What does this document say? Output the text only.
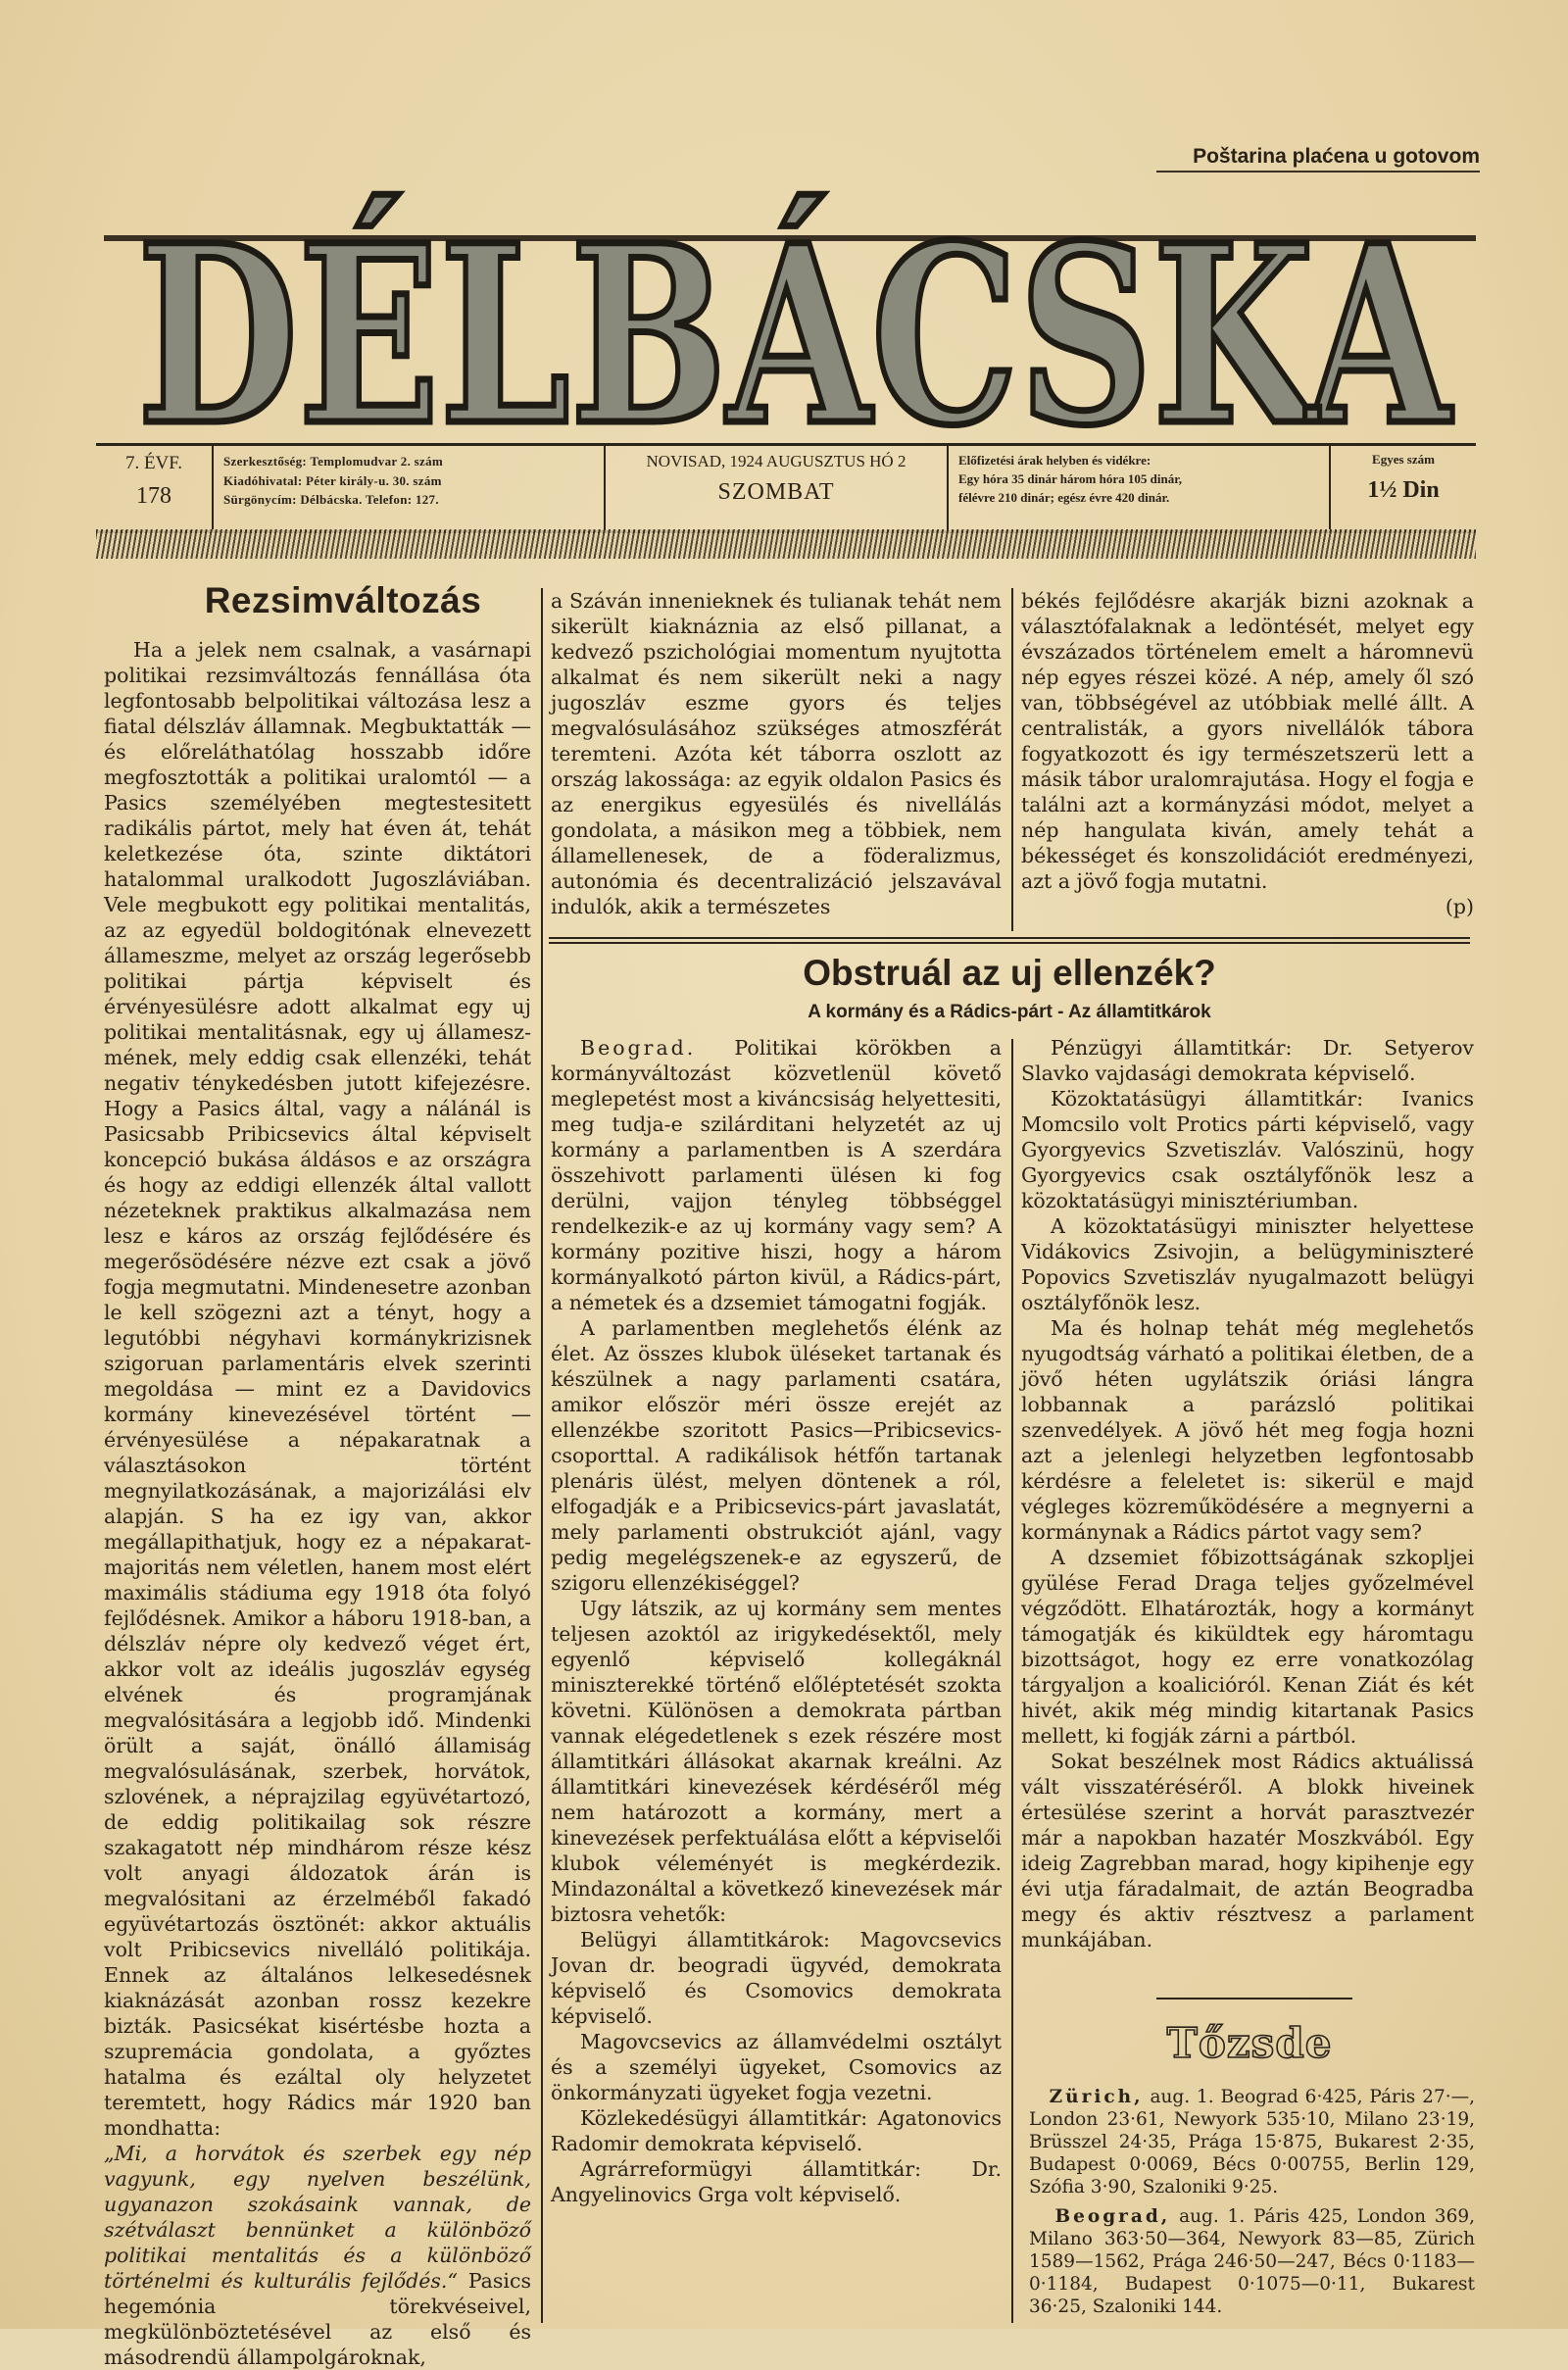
Poštarina plaćena u gotovom
DÉLBÁCSKA
7. ÉVF.
178
Szerkesztőség: Templomudvar 2. szám
Kiadóhivatal: Péter király-u. 30. szám
Sürgönycím: Délbácska. Telefon: 127.
NOVISAD, 1924 AUGUSZTUS HÓ 2
SZOMBAT
Előfizetési árak helyben és vidékre:
Egy hóra 35 dinár három hóra 105 dinár,
félévre 210 dinár; egész évre 420 dinár.
Egyes szám
1½ Din
Rezsimváltozás

Ha a jelek nem csalnak, a vasárnapi politikai rezsimváltozás fennállása óta legfontosabb belpolitikai változása lesz a fiatal délszláv államnak. Megbuktatták — és előreláthatólag hosszabb időre megfosztották a politikai uralomtól — a Pasics személyében megtestesitett radikális pártot, mely hat éven át, tehát keletkezése óta, szinte diktátori hatalommal uralkodott Jugoszláviában. Vele megbukott egy politikai mentalitás, az az egyedül boldogitónak elnevezett állameszme, melyet az ország legerősebb politikai pártja képviselt és érvényesülésre adott alkalmat egy uj politikai mentalitásnak, egy uj állameszmének, mely eddig csak ellenzéki, tehát negativ ténykedésben jutott kifejezésre. Hogy a Pasics által, vagy a nálánál is Pasicsabb Pribicsevics által képviselt koncepció bukása áldásos e az országra és hogy az eddigi ellenzék által vallott nézeteknek praktikus alkalmazása nem lesz e káros az ország fejlődésére és megerősödésére nézve ezt csak a jövő fogja megmutatni. Mindenesetre azonban le kell szögezni azt a tényt, hogy a legutóbbi négyhavi kormánykrizisnek szigoruan parlamentáris elvek szerinti megoldása — mint ez a Davidovics kormány kinevezésével történt — érvényesülése a népakaratnak a választásokon történt megnyilatkozásának, a majorizálási elv alapján. S ha ez igy van, akkor megállapithatjuk, hogy ez a népakaratmajoritás nem véletlen, hanem most elért maximális stádiuma egy 1918 óta folyó fejlődésnek. Amikor a háboru 1918-ban, a délszláv népre oly kedvező véget ért, akkor volt az ideális jugoszláv egység elvének és programjának megvalósitására a legjobb idő. Mindenki örült a saját, önálló államiság megvalósulásának, szerbek, horvátok, szlovének, a néprajzilag együvétartozó, de eddig politikailag sok részre szakagatott nép mindhárom része kész volt anyagi áldozatok árán is megvalósitani az érzelméből fakadó együvétartozás ösztönét: akkor aktuális volt Pribicsevics nivelláló politikája. Ennek az általános lelkesedésnek kiaknázását azonban rossz kezekre bizták. Pasicsékat kisértésbe hozta a szupremácia gondolata, a győztes hatalma és ezáltal oly helyzetet teremtett, hogy Rádics már 1920 ban mondhatta:

„Mi, a horvátok és szerbek egy nép vagyunk, egy nyelven beszélünk, ugyanazon szokásaink vannak, de szétválaszt bennünket a különböző politikai mentalitás és a különböző történelmi és kulturális fejlődés.“ Pasics hegemónia törekvéseivel, megkülönböztetésével az első és másodrendü állampolgároknak,

a Száván innenieknek és tulianak tehát nem sikerült kiaknáznia az első pillanat, a kedvező pszichológiai momentum nyujtotta alkalmat és nem sikerült neki a nagy jugoszláv eszme gyors és teljes megvalósulásához szükséges atmoszférát teremteni. Azóta két táborra oszlott az ország lakossága: az egyik oldalon Pasics és az energikus egyesülés és nivellálás gondolata, a másikon meg a többiek, nem államellenesek, de a föderalizmus, autonómia és decentralizáció jelszavával indulók, akik a természetes

békés fejlődésre akarják bizni azoknak a választófalaknak a ledöntését, melyet egy évszázados történelem emelt a háromnevü nép egyes részei közé. A nép, amely ől szó van, többségével az utóbbiak mellé állt. A centralisták, a gyors nivellálók tábora fogyatkozott és igy természetszerü lett a másik tábor uralomrajutása. Hogy el fogja e találni azt a kormányzási módot, melyet a nép hangulata kiván, amely tehát a békességet és konszolidációt eredményezi, azt a jövő fogja mutatni.

(p)
Obstruál az uj ellenzék?
A kormány és a Rádics-párt - Az államtitkárok

Beograd. Politikai körökben a kormányváltozást közvetlenül követő meglepetést most a kiváncsiság helyettesiti, meg tudja-e szilárditani helyzetét az uj kormány a parlamentben is A szerdára összehivott parlamenti ülésen ki fog derülni, vajjon tényleg többséggel rendelkezik-e az uj kormány vagy sem? A kormány pozitive hiszi, hogy a három kormányalkotó párton kivül, a Rádics-párt, a németek és a dzsemiet támogatni fogják.

A parlamentben meglehetős élénk az élet. Az összes klubok üléseket tartanak és készülnek a nagy parlamenti csatára, amikor először méri össze erejét az ellenzékbe szoritott Pasics—Pribicsevics-csoporttal. A radikálisok hétfőn tartanak plenáris ülést, melyen döntenek a ról, elfogadják e a Pribicsevics-párt javaslatát, mely parlamenti obstrukciót ajánl, vagy pedig megelégszenek-e az egyszerű, de szigoru ellenzékiséggel?

Ugy látszik, az uj kormány sem mentes teljesen azoktól az irigykedésektől, mely egyenlő képviselő kollegáknál miniszterekké történő előléptetését szokta követni. Különösen a demokrata pártban vannak elégedetlenek s ezek részére most államtitkári állásokat akarnak kreálni. Az államtitkári kinevezések kérdéséről még nem határozott a kormány, mert a kinevezések perfektuálása előtt a képviselői klubok véleményét is megkérdezik. Mindazonáltal a következő kinevezések már biztosra vehetők:

Belügyi államtitkárok: Magovcsevics Jovan dr. beogradi ügyvéd, demokrata képviselő és Csomovics demokrata képviselő.

Magovcsevics az államvédelmi osztályt és a személyi ügyeket, Csomovics az önkormányzati ügyeket fogja vezetni.

Közlekedésügyi államtitkár: Agatonovics Radomir demokrata képviselő.

Agrárreformügyi államtitkár: Dr. Angyelinovics Grga volt képviselő.

Pénzügyi államtitkár: Dr. Setyerov Slavko vajdasági demokrata képviselő.

Közoktatásügyi államtitkár: Ivanics Momcsilo volt Protics párti képviselő, vagy Gyorgyevics Szvetiszláv. Valószinü, hogy Gyorgyevics csak osztályfőnök lesz a közoktatásügyi minisztériumban.

A közoktatásügyi miniszter helyettese Vidákovics Zsivojin, a belügyminiszteré Popovics Szvetiszláv nyugalmazott belügyi osztályfőnök lesz.

Ma és holnap tehát még meglehetős nyugodtság várható a politikai életben, de a jövő héten ugylátszik óriási lángra lobbannak a parázsló politikai szenvedélyek. A jövő hét meg fogja hozni azt a jelenlegi helyzetben legfontosabb kérdésre a feleletet is: sikerül e majd végleges közreműködésére a megnyerni a kormánynak a Rádics pártot vagy sem?

A dzsemiet főbizottságának szkopljei gyülése Ferad Draga telјes győzelmével végződött. Elhatározták, hogy a kormányt támogatják és kiküldtek egy háromtagu bizottságot, hogy ez erre vonatkozólag tárgyaljon a koalicióról. Kenan Ziát és két hivét, akik még mindig kitartanak Pasics mellett, ki fogják zárni a pártból.

Sokat beszélnek most Rádics aktuálissá vált visszatéréséről. A blokk hiveinek értesülése szerint a horvát parasztvezér már a napokban hazatér Moszkvából. Egy ideig Zagrebban marad, hogy kipihenje egy évi utja fáradalmait, de aztán Beogradba megy és aktiv résztvesz a parlament munkájában.

Tőzsde
Zürich, aug. 1. Beograd 6·425, Páris 27·—, London 23·61, Newyork 535·10, Milano 23·19, Brüsszel 24·35, Prága 15·875, Bukarest 2·35, Budapest 0·0069, Bécs 0·00755, Berlin 129, Szófia 3·90, Szaloniki 9·25.
Beograd, aug. 1. Páris 425, London 369, Milano 363·50—364, Newyork 83—85, Zürich 1589—1562, Prága 246·50—247, Bécs 0·1183—0·1184, Budapest 0·1075—0·11, Bukarest 36·25, Szaloniki 144.
